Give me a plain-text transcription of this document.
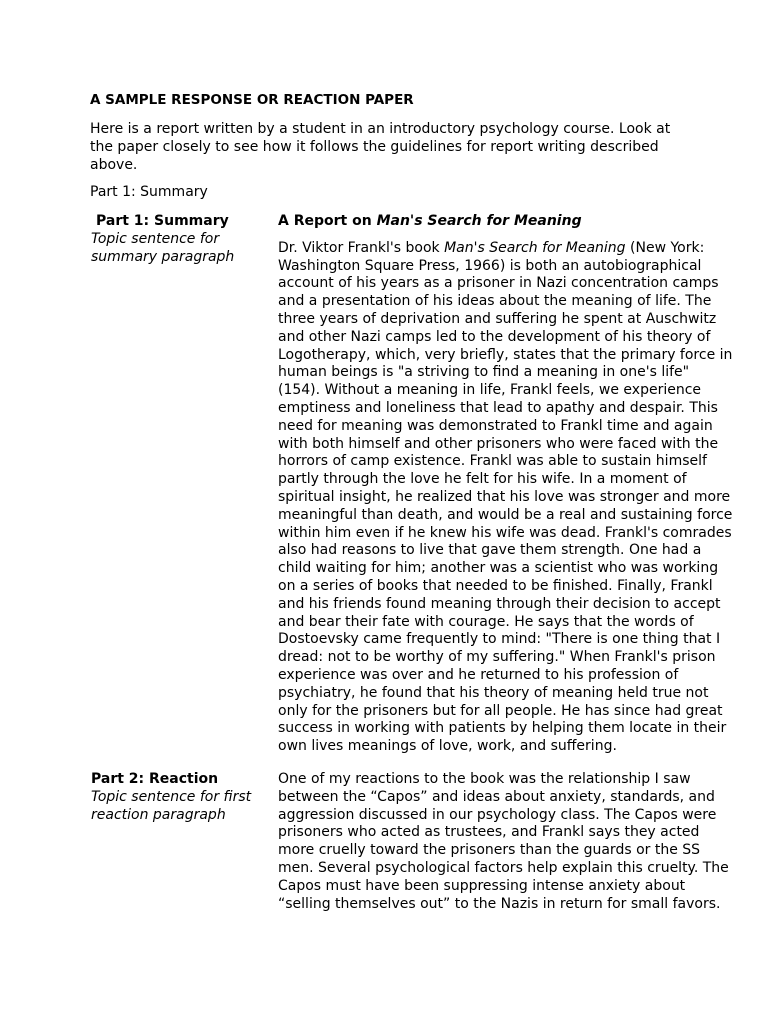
A SAMPLE RESPONSE OR REACTION PAPER

Here is a report written by a student in an introductory psychology course. Look at the paper closely to see how it follows the guidelines for report writing described above.

Part 1: Summary

Part 1: Summary

Topic sentence for summary paragraph

A Report on Man's Search for Meaning

Dr. Viktor Frankl's book Man's Search for Meaning (New York: Washington Square Press, 1966) is both an autobiographical account of his years as a prisoner in Nazi concentration camps and a presentation of his ideas about the meaning of life. The three years of deprivation and suffering he spent at Auschwitz and other Nazi camps led to the development of his theory of Logotherapy, which, very briefly, states that the primary force in human beings is "a striving to find a meaning in one's life" (154). Without a meaning in life, Frankl feels, we experience emptiness and loneliness that lead to apathy and despair. This need for meaning was demonstrated to Frankl time and again with both himself and other prisoners who were faced with the horrors of camp existence. Frankl was able to sustain himself partly through the love he felt for his wife. In a moment of spiritual insight, he realized that his love was stronger and more meaningful than death, and would be a real and sustaining force within him even if he knew his wife was dead. Frankl's comrades also had reasons to live that gave them strength. One had a child waiting for him; another was a scientist who was working on a series of books that needed to be finished. Finally, Frankl and his friends found meaning through their decision to accept and bear their fate with courage. He says that the words of Dostoevsky came frequently to mind: "There is one thing that I dread: not to be worthy of my suffering." When Frankl's prison experience was over and he returned to his profession of psychiatry, he found that his theory of meaning held true not only for the prisoners but for all people. He has since had great success in working with patients by helping them locate in their own lives meanings of love, work, and suffering.

Part 2: Reaction

Topic sentence for first reaction paragraph

One of my reactions to the book was the relationship I saw between the “Capos” and ideas about anxiety, standards, and aggression discussed in our psychology class. The Capos were prisoners who acted as trustees, and Frankl says they acted more cruelly toward the prisoners than the guards or the SS men. Several psychological factors help explain this cruelty. The Capos must have been suppressing intense anxiety about “selling themselves out” to the Nazis in return for small favors.
